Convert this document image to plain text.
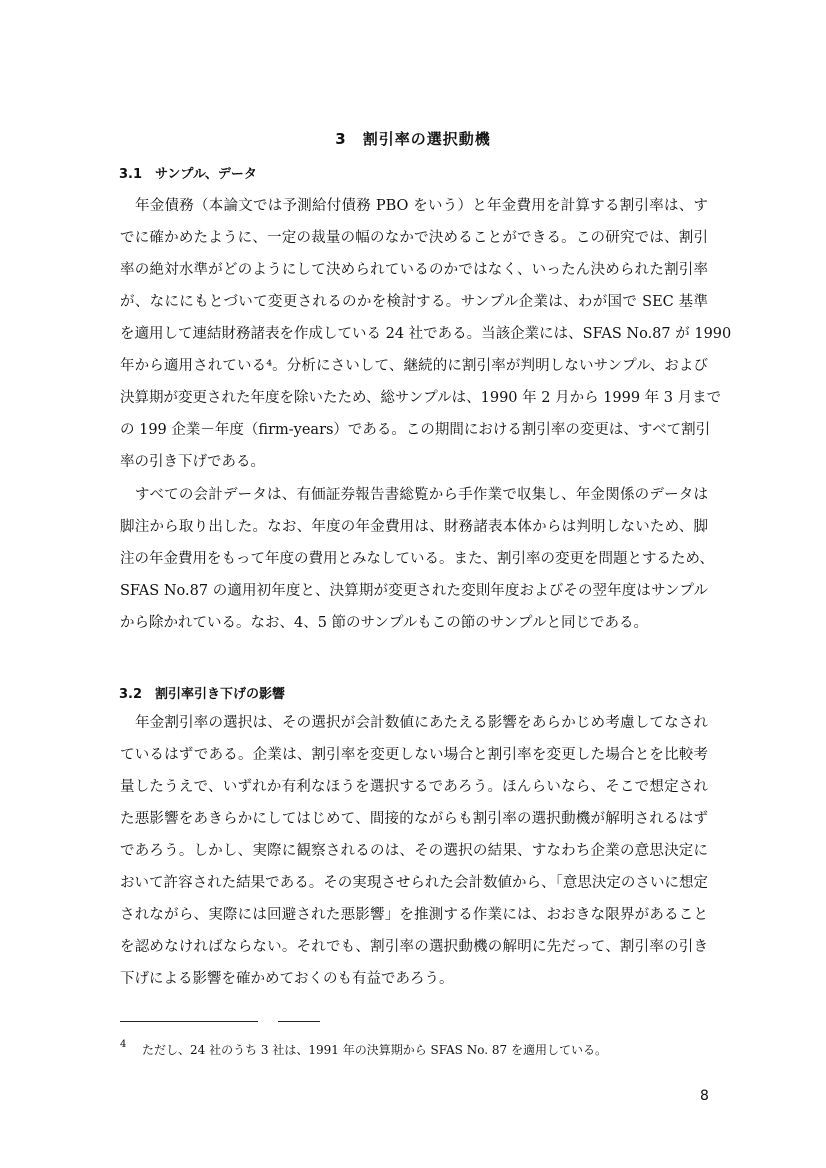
3　割引率の選択動機
3.1　サンプル、データ
年金債務（本論文では予測給付債務 PBO をいう）と年金費用を計算する割引率は、す
でに確かめたように、一定の裁量の幅のなかで決めることができる。この研究では、割引
率の絶対水準がどのようにして決められているのかではなく、いったん決められた割引率
が、なににもとづいて変更されるのかを検討する。サンプル企業は、わが国で SEC 基準
を適用して連結財務諸表を作成している 24 社である。当該企業には、SFAS No.87 が 1990
年から適用されている⁴。分析にさいして、継続的に割引率が判明しないサンプル、および
決算期が変更された年度を除いたため、総サンプルは、1990 年 2 月から 1999 年 3 月まで
の 199 企業－年度（firm-years）である。この期間における割引率の変更は、すべて割引
率の引き下げである。
すべての会計データは、有価証券報告書総覧から手作業で収集し、年金関係のデータは
脚注から取り出した。なお、年度の年金費用は、財務諸表本体からは判明しないため、脚
注の年金費用をもって年度の費用とみなしている。また、割引率の変更を問題とするため、
SFAS No.87 の適用初年度と、決算期が変更された変則年度およびその翌年度はサンプル
から除かれている。なお、4、5 節のサンプルもこの節のサンプルと同じである。
3.2　割引率引き下げの影響
年金割引率の選択は、その選択が会計数値にあたえる影響をあらかじめ考慮してなされ
ているはずである。企業は、割引率を変更しない場合と割引率を変更した場合とを比較考
量したうえで、いずれか有利なほうを選択するであろう。ほんらいなら、そこで想定され
た悪影響をあきらかにしてはじめて、間接的ながらも割引率の選択動機が解明されるはず
であろう。しかし、実際に観察されるのは、その選択の結果、すなわち企業の意思決定に
おいて許容された結果である。その実現させられた会計数値から、「意思決定のさいに想定
されながら、実際には回避された悪影響」を推測する作業には、おおきな限界があること
を認めなければならない。それでも、割引率の選択動機の解明に先だって、割引率の引き
下げによる影響を確かめておくのも有益であろう。
4 ただし、24 社のうち 3 社は、1991 年の決算期から SFAS No. 87 を適用している。
8
